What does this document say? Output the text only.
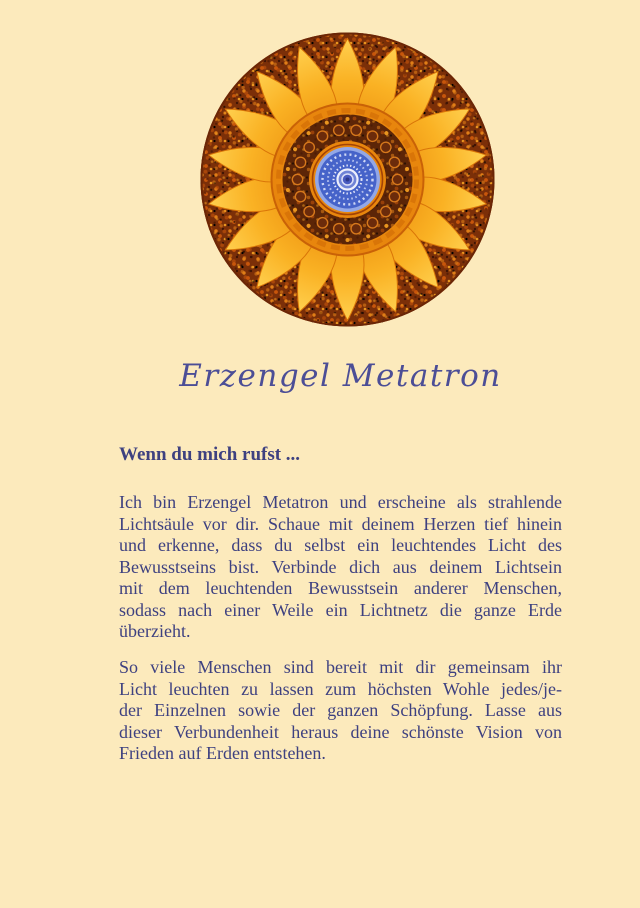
Erzengel Metatron
Wenn du mich rufst ...
Ich bin Erzengel Metatron und erscheine als strahlende
Lichtsäule vor dir. Schaue mit deinem Herzen tief hinein
und erkenne, dass du selbst ein leuchtendes Licht des
Bewusstseins bist. Verbinde dich aus deinem Lichtsein
mit dem leuchtenden Bewusstsein anderer Menschen,
sodass nach einer Weile ein Lichtnetz die ganze Erde
überzieht.
So viele Menschen sind bereit mit dir gemeinsam ihr
Licht leuchten zu lassen zum höchsten Wohle jedes/je-
der Einzelnen sowie der ganzen Schöpfung. Lasse aus
dieser Verbundenheit heraus deine schönste Vision von
Frieden auf Erden entstehen.
